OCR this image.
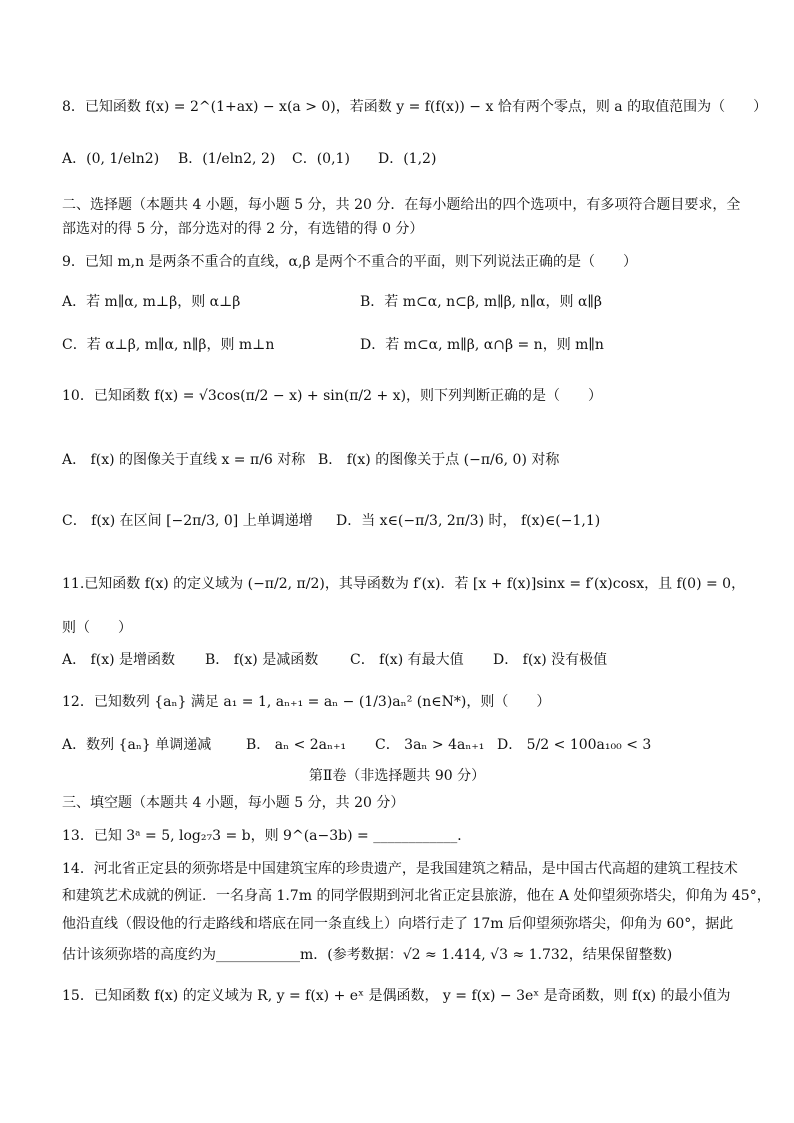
8．已知函数 f(x) = 2^(1+ax) − x(a > 0)，若函数 y = f(f(x)) − x 恰有两个零点，则 a 的取值范围为（　　）
A．(0, 1/eln2) B．(1/eln2, 2) C．(0,1) D．(1,2)
二、选择题（本题共 4 小题，每小题 5 分，共 20 分．在每小题给出的四个选项中，有多项符合题目要求，全
部选对的得 5 分，部分选对的得 2 分，有选错的得 0 分）
9．已知 m,n 是两条不重合的直线，α,β 是两个不重合的平面，则下列说法正确的是（　　）
A．若 m∥α, m⊥β，则 α⊥β	B．若 m⊂α, n⊂β, m∥β, n∥α，则 α∥β
C．若 α⊥β, m∥α, n∥β，则 m⊥n	D．若 m⊂α, m∥β, α∩β = n，则 m∥n
10．已知函数 f(x) = √3cos(π/2 − x) + sin(π/2 + x)，则下列判断正确的是（　　）
A． f(x) 的图像关于直线 x = π/6 对称 B． f(x) 的图像关于点 (−π/6, 0) 对称
C． f(x) 在区间 [−2π/3, 0] 上单调递增 D．当 x∈(−π/3, 2π/3) 时， f(x)∈(−1,1)
11.已知函数 f(x) 的定义域为 (−π/2, π/2)，其导函数为 f′(x)．若 [x + f(x)]sinx = f′(x)cosx，且 f(0) = 0，
则（　　）
A． f(x) 是增函数 B． f(x) 是减函数 C． f(x) 有最大值 D． f(x) 没有极值
12．已知数列 {aₙ} 满足 a₁ = 1, aₙ₊₁ = aₙ − (1/3)aₙ² (n∈N*)，则（　　）
A．数列 {aₙ} 单调递减 B． aₙ < 2aₙ₊₁ C． 3aₙ > 4aₙ₊₁ D． 5/2 < 100a₁₀₀ < 3
第Ⅱ卷（非选择题共 90 分）
三、填空题（本题共 4 小题，每小题 5 分，共 20 分）
13．已知 3ᵃ = 5, log₂₇3 = b，则 9^(a−3b) = ____________．
14．河北省正定县的须弥塔是中国建筑宝库的珍贵遗产，是我国建筑之精品，是中国古代高超的建筑工程技术
和建筑艺术成就的例证．一名身高 1.7m 的同学假期到河北省正定县旅游，他在 A 处仰望须弥塔尖，仰角为 45°，
他沿直线（假设他的行走路线和塔底在同一条直线上）向塔行走了 17m 后仰望须弥塔尖，仰角为 60°，据此
估计该须弥塔的高度约为____________m．(参考数据：√2 ≈ 1.414, √3 ≈ 1.732，结果保留整数)
15．已知函数 f(x) 的定义域为 R, y = f(x) + eˣ 是偶函数， y = f(x) − 3eˣ 是奇函数，则 f(x) 的最小值为
